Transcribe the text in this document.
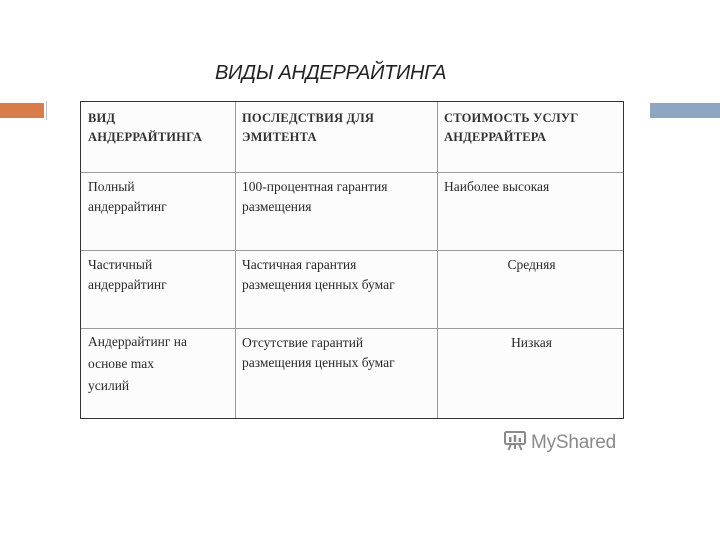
ВИДЫ АНДЕРРАЙТИНГА
ВИД
АНДЕРРАЙТИНГА
ПОСЛЕДСТВИЯ ДЛЯ
ЭМИТЕНТА
СТОИМОСТЬ УСЛУГ
АНДЕРРАЙТЕРА
Полный
андеррайтинг
100-процентная гарантия
размещения
Наиболее высокая
Частичный
андеррайтинг
Частичная гарантия
размещения ценных бумаг
Средняя
Андеррайтинг на
основе max
усилий
Отсутствие гарантий
размещения ценных бумаг
Низкая
MyShared
